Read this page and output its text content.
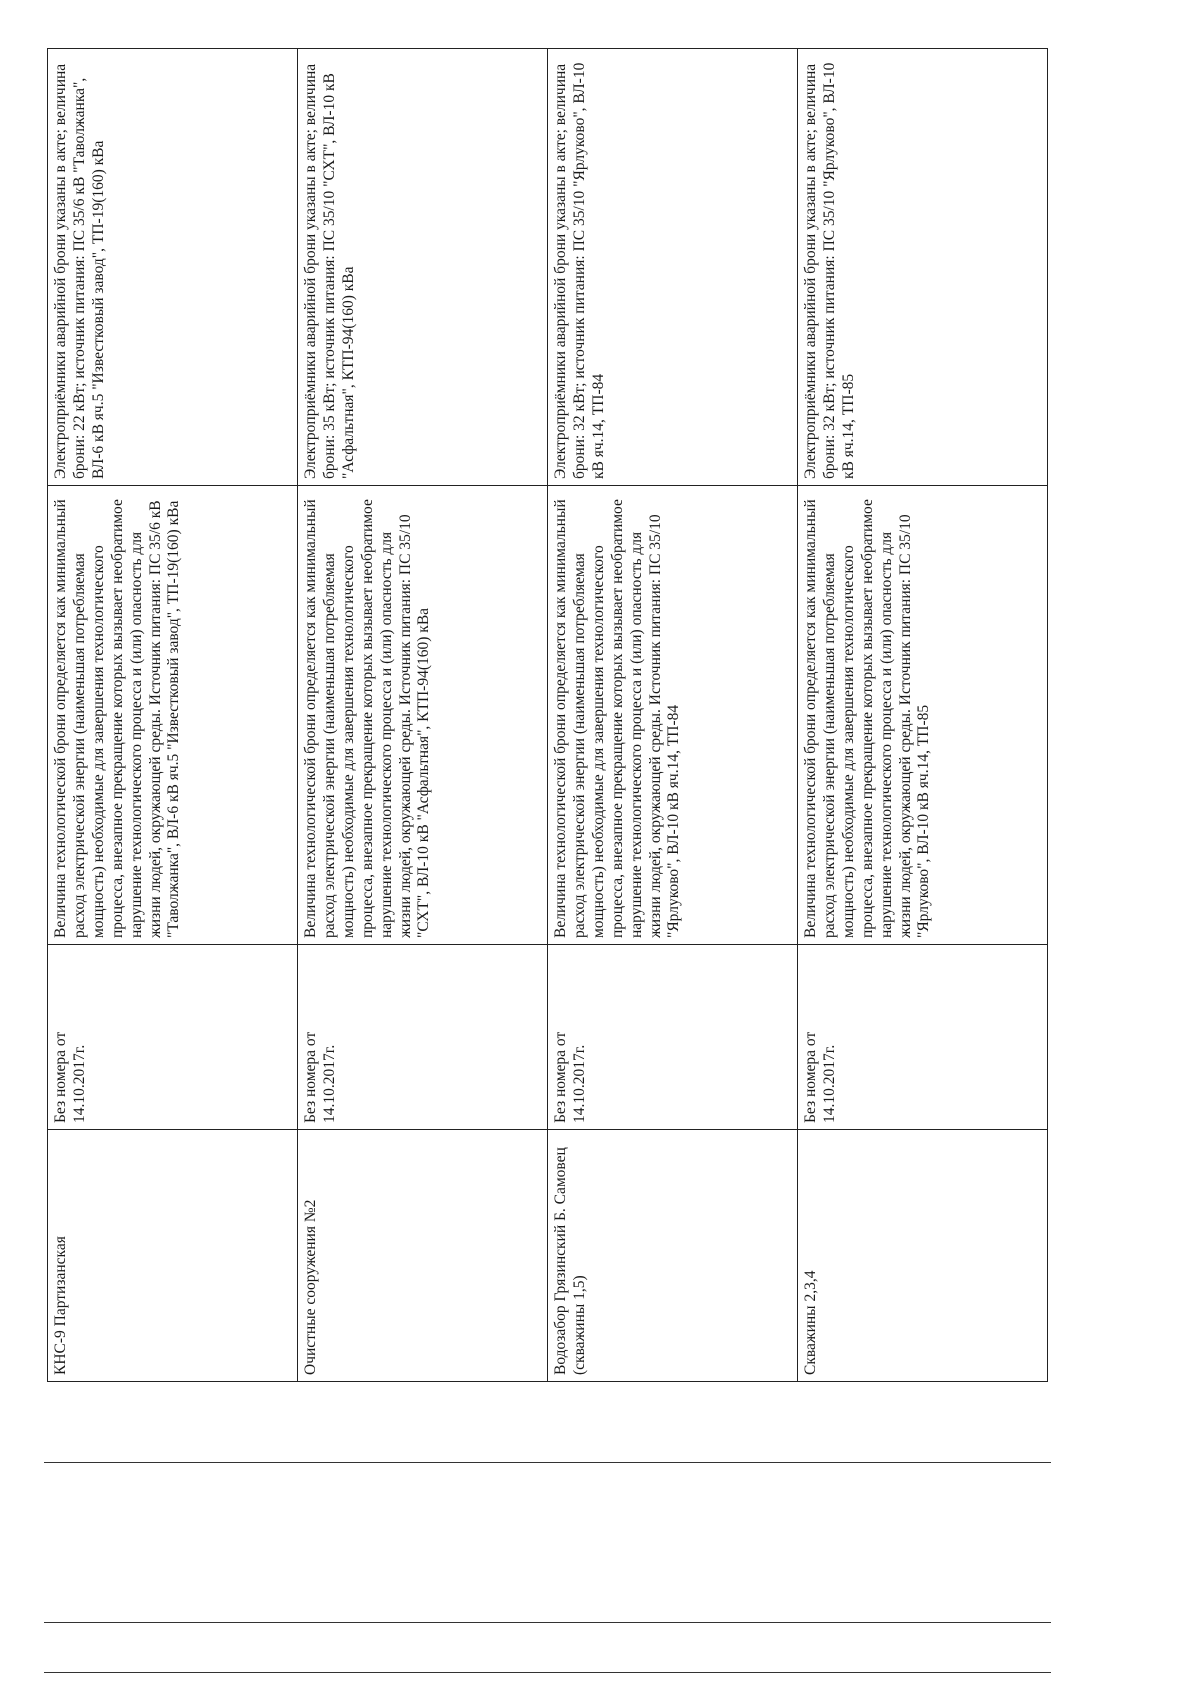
КНС-9 Партизанская	Без номера от 14.10.2017г.	Величина технологической брони определяется как минимальный расход электрической энергии (наименьшая потребляемая мощность) необходимые для завершения технологического процесса, внезапное прекращение которых вызывает необратимое нарушение технологического процесса и (или) опасность для жизни людей, окружающей среды. Источник питания: ПС 35/6 кВ "Таволжанка", ВЛ-6 кВ яч.5 "Известковый завод", ТП-19(160) кВа	Электроприёмники аварийной брони указаны в акте; величина брони: 22 кВт; источник питания: ПС 35/6 кВ "Таволжанка", ВЛ-6 кВ яч.5 "Известковый завод", ТП-19(160) кВа
Очистные сооружения №2	Без номера от 14.10.2017г.	Величина технологической брони определяется как минимальный расход электрической энергии (наименьшая потребляемая мощность) необходимые для завершения технологического процесса, внезапное прекращение которых вызывает необратимое нарушение технологического процесса и (или) опасность для жизни людей, окружающей среды. Источник питания: ПС 35/10 "СХТ", ВЛ-10 кВ "Асфальтная", КТП-94(160) кВа	Электроприёмники аварийной брони указаны в акте; величина брони: 35 кВт; источник питания: ПС 35/10 "СХТ", ВЛ-10 кВ "Асфальтная", КТП-94(160) кВа
Водозабор Грязинский Б. Самовец (скважины 1,5)	Без номера от 14.10.2017г.	Величина технологической брони определяется как минимальный расход электрической энергии (наименьшая потребляемая мощность) необходимые для завершения технологического процесса, внезапное прекращение которых вызывает необратимое нарушение технологического процесса и (или) опасность для жизни людей, окружающей среды. Источник питания: ПС 35/10 "Ярлуково", ВЛ-10 кВ яч.14, ТП-84	Электроприёмники аварийной брони указаны в акте; величина брони: 32 кВт; источник питания: ПС 35/10 "Ярлуково", ВЛ-10 кВ яч.14, ТП-84
Скважины 2,3,4	Без номера от 14.10.2017г.	Величина технологической брони определяется как минимальный расход электрической энергии (наименьшая потребляемая мощность) необходимые для завершения технологического процесса, внезапное прекращение которых вызывает необратимое нарушение технологического процесса и (или) опасность для жизни людей, окружающей среды. Источник питания: ПС 35/10 "Ярлуково", ВЛ-10 кВ яч.14, ТП-85	Электроприёмники аварийной брони указаны в акте; величина брони: 32 кВт; источник питания: ПС 35/10 "Ярлуково", ВЛ-10 кВ яч.14, ТП-85
